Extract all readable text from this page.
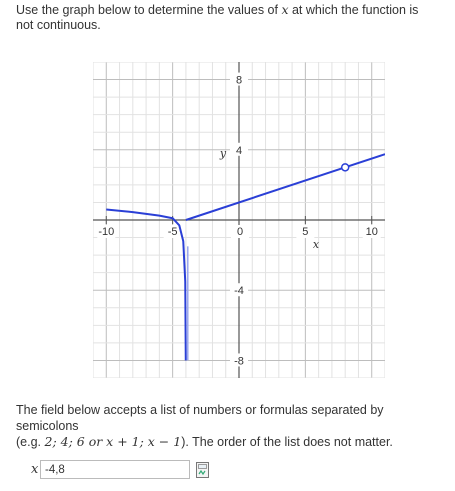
Use the graph below to determine the values of x at which the function is not continuous.
-10	-5	0	5	10
8
4
-4
-8
x
y
The field below accepts a list of numbers or formulas separated by semicolons
(e.g. 2; 4; 6 or x + 1; x − 1). The order of the list does not matter.
x
-4,8
